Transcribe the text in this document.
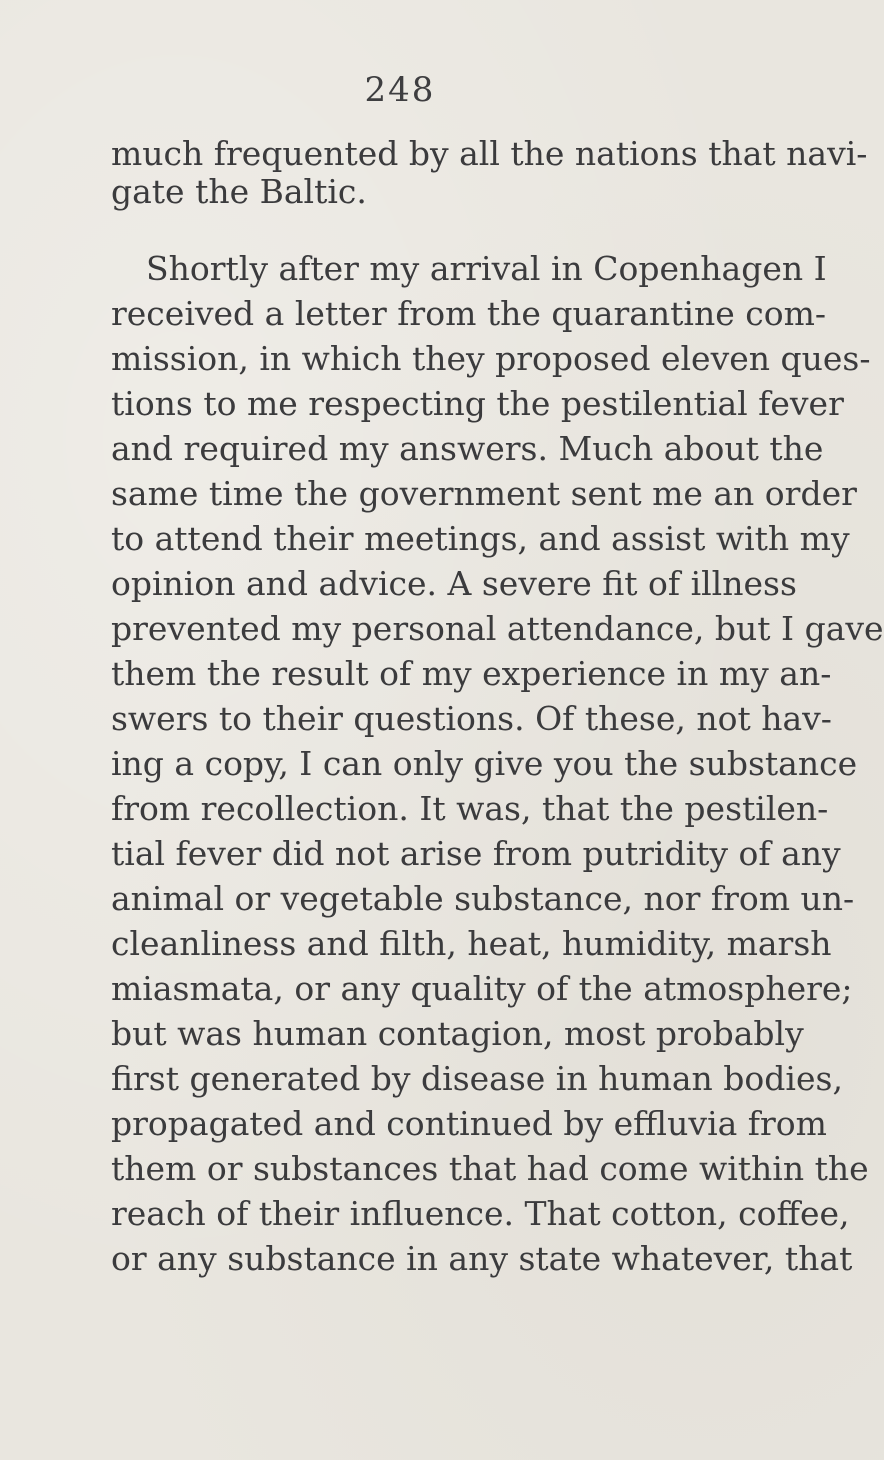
248
much frequented by all the nations that navi-
gate the Baltic.
Shortly after my arrival in Copenhagen I
received a letter from the quarantine com-
mission, in which they proposed eleven ques-
tions to me respecting the pestilential fever
and required my answers. Much about the
same time the government sent me an order
to attend their meetings, and assist with my
opinion and advice. A severe fit of illness
prevented my personal attendance, but I gave
them the result of my experience in my an-
swers to their questions. Of these, not hav-
ing a copy, I can only give you the substance
from recollection. It was, that the pestilen-
tial fever did not arise from putridity of any
animal or vegetable substance, nor from un-
cleanliness and filth, heat, humidity, marsh
miasmata, or any quality of the atmosphere;
but was human contagion, most probably
first generated by disease in human bodies,
propagated and continued by effluvia from
them or substances that had come within the
reach of their influence. That cotton, coffee,
or any substance in any state whatever, that
